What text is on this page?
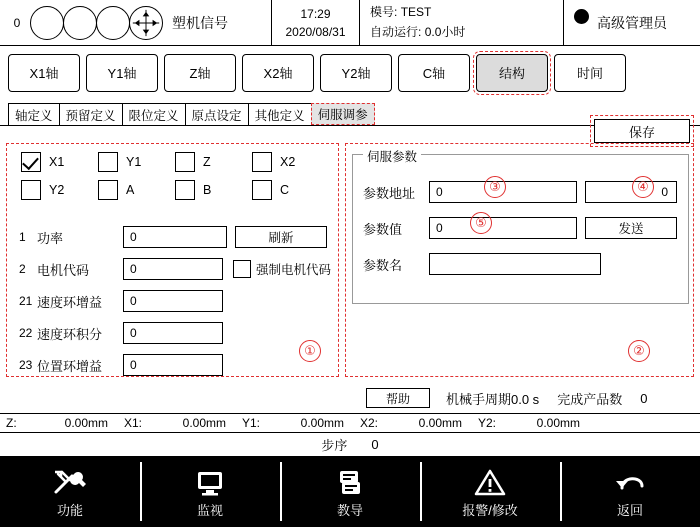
0	塑机信号
17:29
2020/08/31
模号: TEST
自动运行: 0.0小时
高级管理员
X1轴	Y1轴	Z轴	X2轴	Y2轴	C轴	结构	时间
轴定义	预留定义	限位定义	原点设定	其他定义	伺服调参
保存
X1	Y1	Z	X2
Y2	A	B	C
1 功率	0	刷新
2 电机代码	0	强制电机代码
21 速度环增益	0
22 速度环积分	0
23 位置环增益	0
①
伺服参数
参数地址	0	0
参数值	0	发送
参数名
③	④
⑤
②
帮助	机械手周期0.0 s 完成产品数 0
Z:	0.00mm	X1:	0.00mm	Y1:	0.00mm	X2:	0.00mm	Y2:	0.00mm
步序 0
功能	监视	教导	报警/修改	返回
